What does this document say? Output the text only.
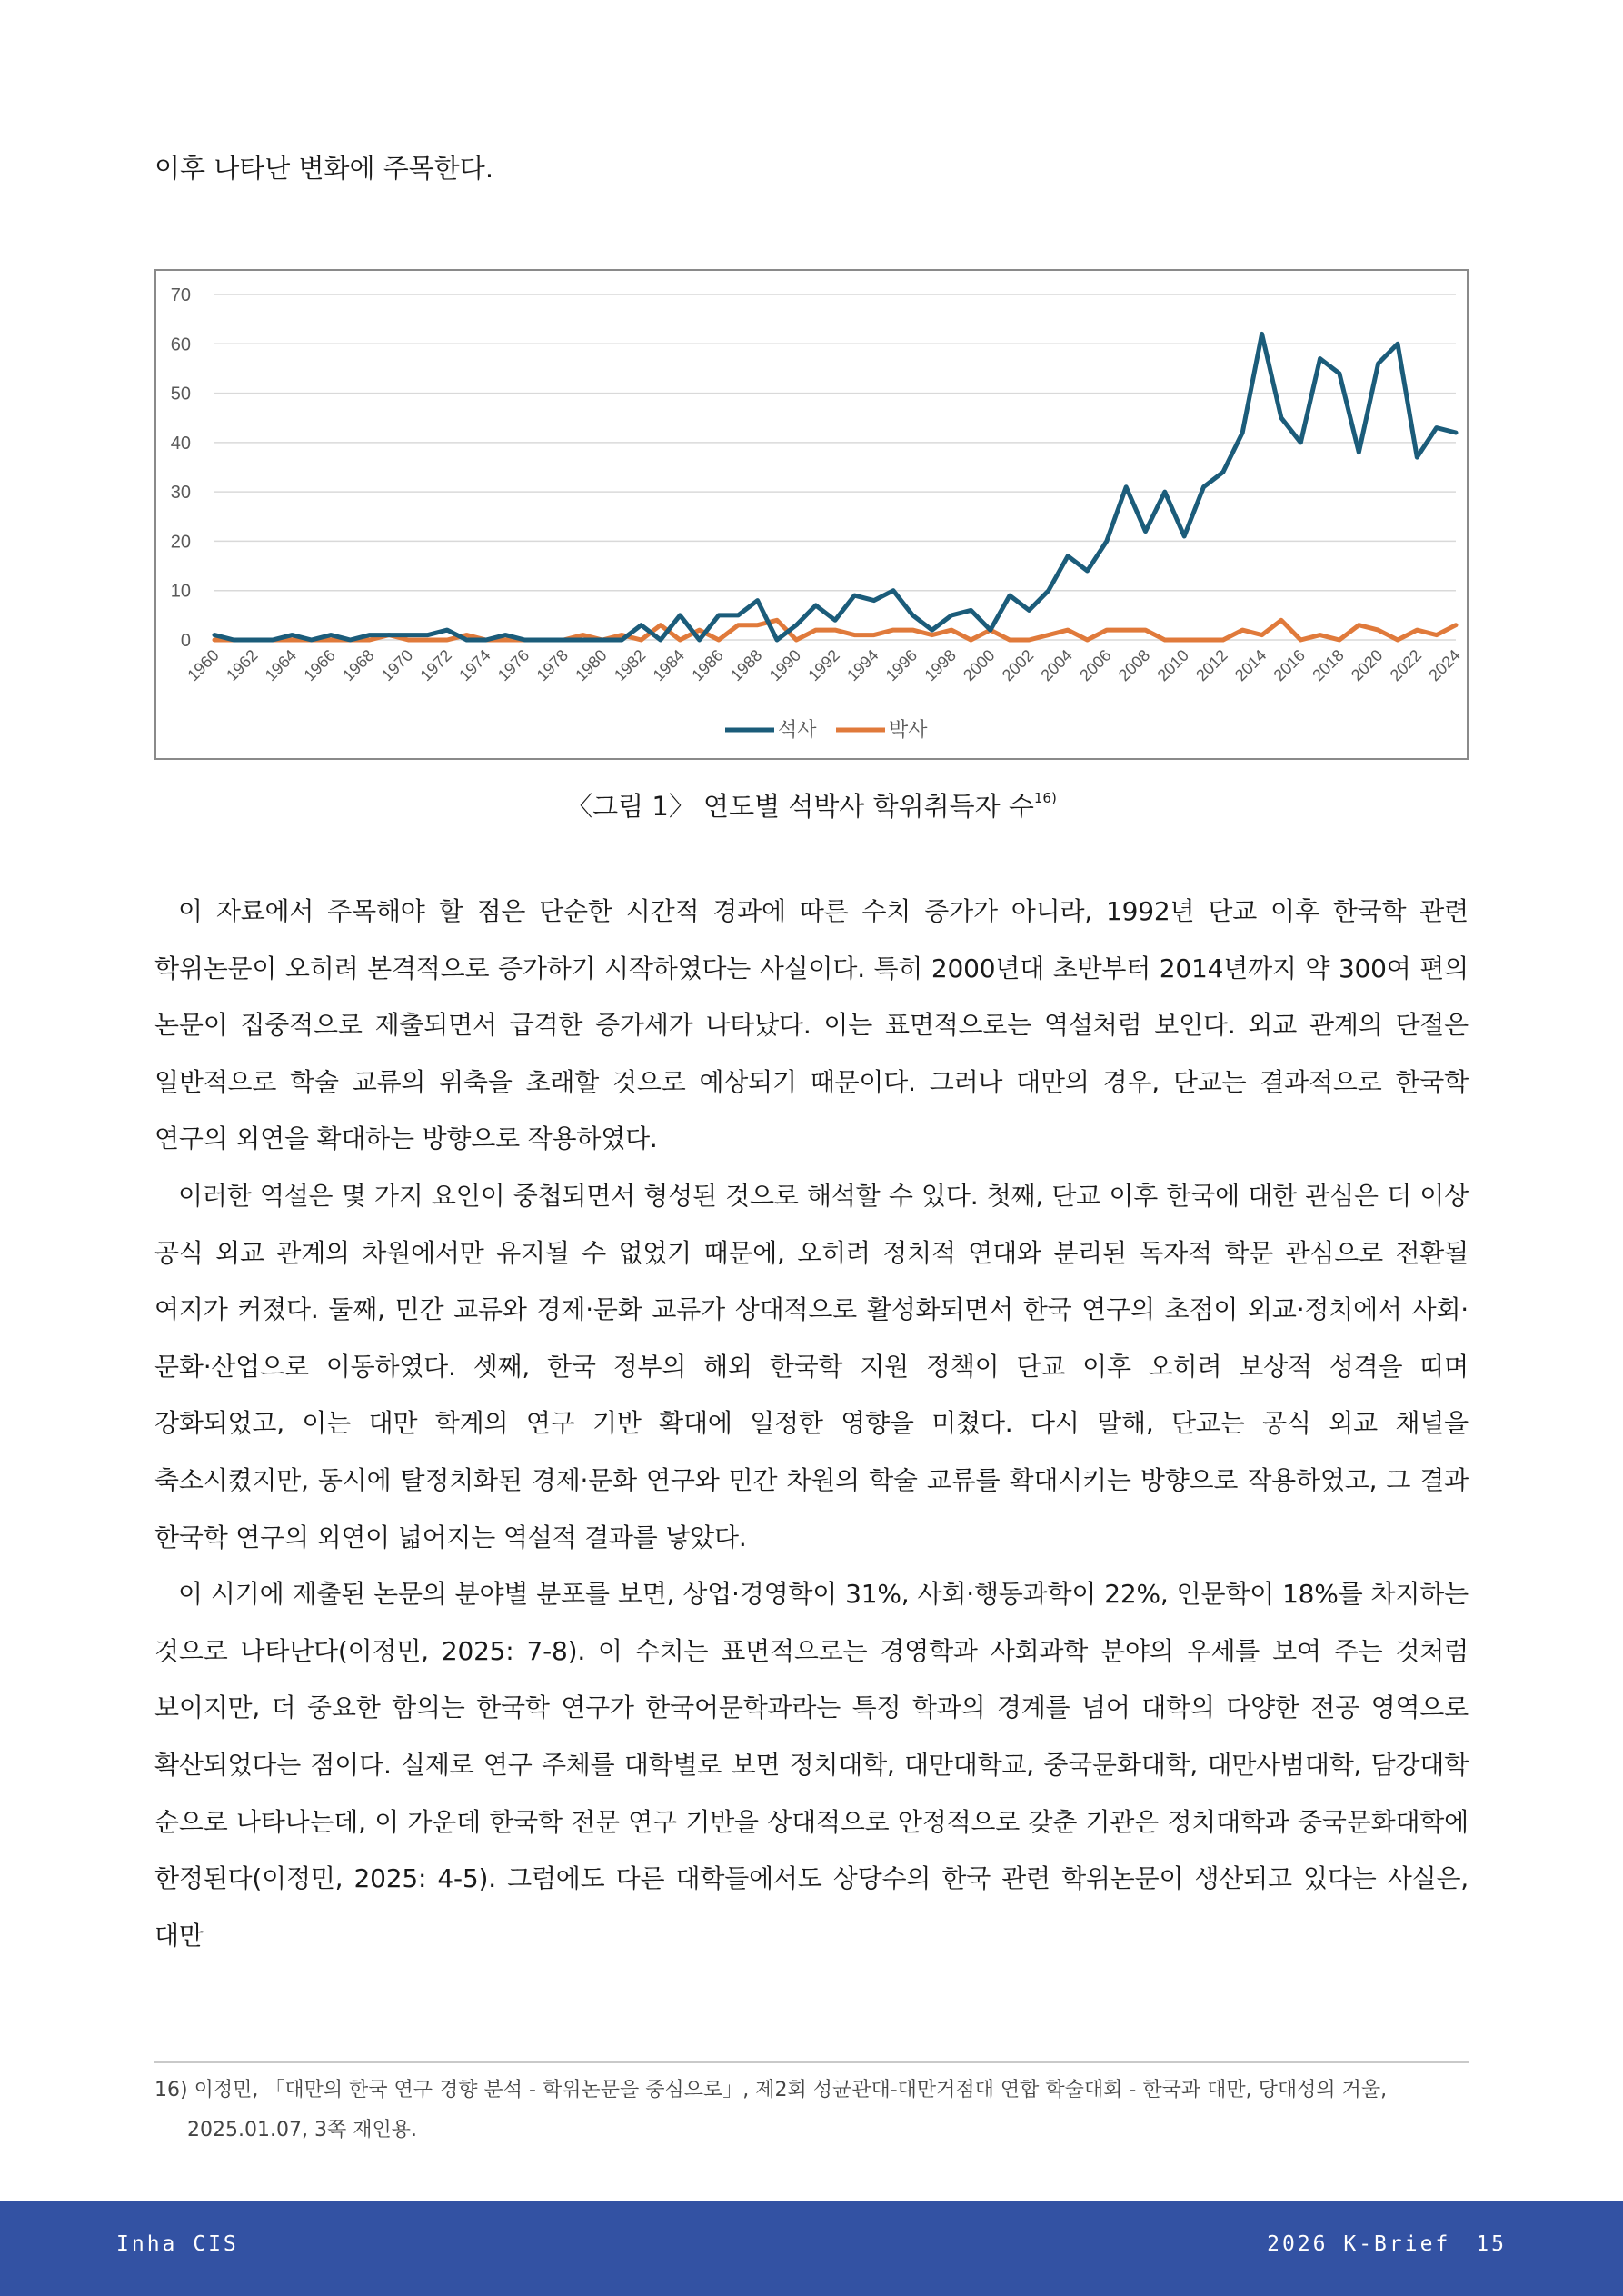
이후 나타난 변화에 주목한다.

0
10
20
30
40
50
60
70
1960 1962 1964 1966 1968 1970 1972 1974 1976 1978 1980 1982 1984 1986 1988 1990 1992 1994 1996 1998 2000 2002 2004 2006 2008 2010 2012 2014 2016 2018 2020 2022 2024
석사	박사

〈그림 1〉 연도별 석박사 학위취득자 수$^{16)}$

이 자료에서 주목해야 할 점은 단순한 시간적 경과에 따른 수치 증가가 아니라, 1992년 단교 이후 한국학 관련 학위논문이 오히려 본격적으로 증가하기 시작하였다는 사실이다. 특히 2000년대 초반부터 2014년까지 약 300여 편의 논문이 집중적으로 제출되면서 급격한 증가세가 나타났다. 이는 표면적으로는 역설처럼 보인다. 외교 관계의 단절은 일반적으로 학술 교류의 위축을 초래할 것으로 예상되기 때문이다. 그러나 대만의 경우, 단교는 결과적으로 한국학 연구의 외연을 확대하는 방향으로 작용하였다.

이러한 역설은 몇 가지 요인이 중첩되면서 형성된 것으로 해석할 수 있다. 첫째, 단교 이후 한국에 대한 관심은 더 이상 공식 외교 관계의 차원에서만 유지될 수 없었기 때문에, 오히려 정치적 연대와 분리된 독자적 학문 관심으로 전환될 여지가 커졌다. 둘째, 민간 교류와 경제·문화 교류가 상대적으로 활성화되면서 한국 연구의 초점이 외교·정치에서 사회·문화·산업으로 이동하였다. 셋째, 한국 정부의 해외 한국학 지원 정책이 단교 이후 오히려 보상적 성격을 띠며 강화되었고, 이는 대만 학계의 연구 기반 확대에 일정한 영향을 미쳤다. 다시 말해, 단교는 공식 외교 채널을 축소시켰지만, 동시에 탈정치화된 경제·문화 연구와 민간 차원의 학술 교류를 확대시키는 방향으로 작용하였고, 그 결과 한국학 연구의 외연이 넓어지는 역설적 결과를 낳았다.

이 시기에 제출된 논문의 분야별 분포를 보면, 상업·경영학이 31%, 사회·행동과학이 22%, 인문학이 18%를 차지하는 것으로 나타난다(이정민, 2025: 7-8). 이 수치는 표면적으로는 경영학과 사회과학 분야의 우세를 보여 주는 것처럼 보이지만, 더 중요한 함의는 한국학 연구가 한국어문학과라는 특정 학과의 경계를 넘어 대학의 다양한 전공 영역으로 확산되었다는 점이다. 실제로 연구 주체를 대학별로 보면 정치대학, 대만대학교, 중국문화대학, 대만사범대학, 담강대학 순으로 나타나는데, 이 가운데 한국학 전문 연구 기반을 상대적으로 안정적으로 갖춘 기관은 정치대학과 중국문화대학에 한정된다(이정민, 2025: 4-5). 그럼에도 다른 대학들에서도 상당수의 한국 관련 학위논문이 생산되고 있다는 사실은, 대만

16) 이정민, 「대만의 한국 연구 경향 분석 - 학위논문을 중심으로」, 제2회 성균관대-대만거점대 연합 학술대회 - 한국과 대만, 당대성의 거울, 2025.01.07, 3쪽 재인용.

Inha CIS	2026 K-Brief 15
